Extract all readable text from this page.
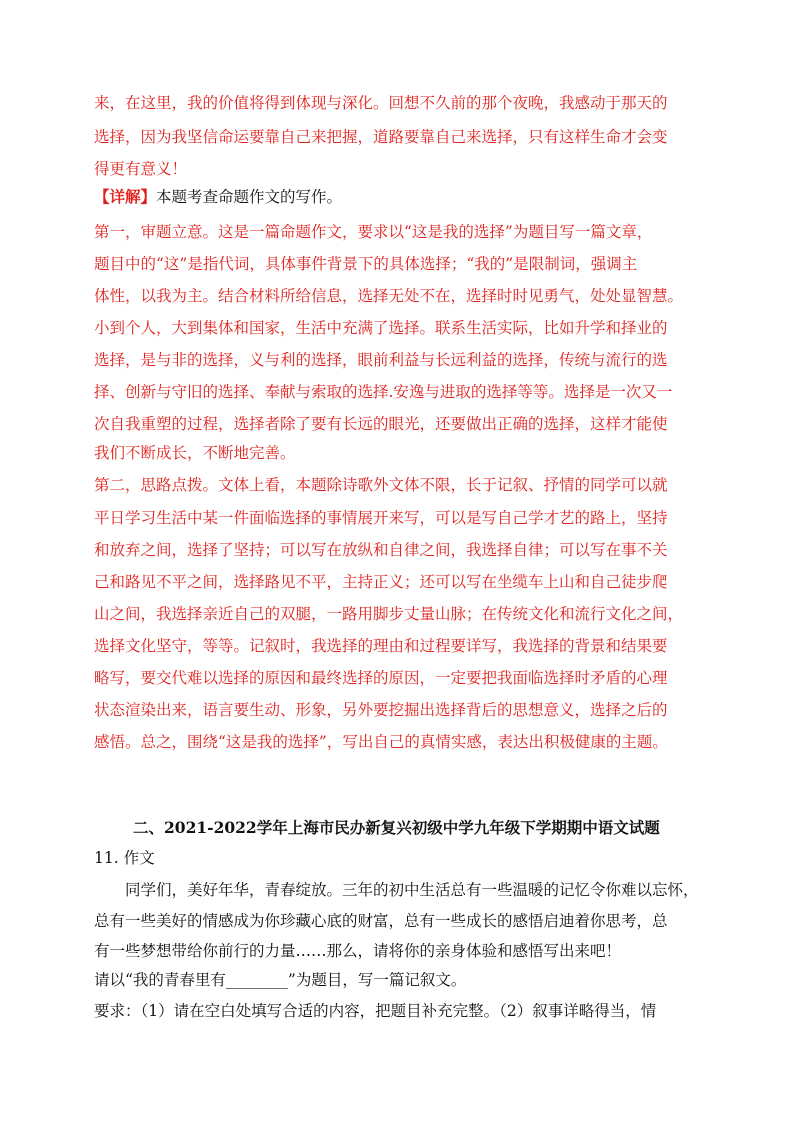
来，在这里，我的价值将得到体现与深化。回想不久前的那个夜晚，我感动于那天的
选择，因为我坚信命运要靠自己来把握，道路要靠自己来选择，只有这样生命才会变
得更有意义！
【详解】本题考查命题作文的写作。
第一，审题立意。这是一篇命题作文，要求以“这是我的选择”为题目写一篇文章，
题目中的“这”是指代词，具体事件背景下的具体选择；“我的”是限制词，强调主
体性，以我为主。结合材料所给信息，选择无处不在，选择时时见勇气，处处显智慧。
小到个人，大到集体和国家，生活中充满了选择。联系生活实际，比如升学和择业的
选择，是与非的选择，义与利的选择，眼前利益与长远利益的选择，传统与流行的选
择、创新与守旧的选择、奉献与索取的选择.安逸与进取的选择等等。选择是一次又一
次自我重塑的过程，选择者除了要有长远的眼光，还要做出正确的选择，这样才能使
我们不断成长，不断地完善。
第二，思路点拨。文体上看，本题除诗歌外文体不限，长于记叙、抒情的同学可以就
平日学习生活中某一件面临选择的事情展开来写，可以是写自己学才艺的路上，坚持
和放弃之间，选择了坚持；可以写在放纵和自律之间，我选择自律；可以写在事不关
己和路见不平之间，选择路见不平，主持正义；还可以写在坐缆车上山和自己徒步爬
山之间，我选择亲近自己的双腿，一路用脚步丈量山脉；在传统文化和流行文化之间，
选择文化坚守，等等。记叙时，我选择的理由和过程要详写，我选择的背景和结果要
略写，要交代难以选择的原因和最终选择的原因，一定要把我面临选择时矛盾的心理
状态渲染出来，语言要生动、形象，另外要挖掘出选择背后的思想意义，选择之后的
感悟。总之，围绕“这是我的选择”，写出自己的真情实感，表达出积极健康的主题。
二、2021-2022学年上海市民办新复兴初级中学九年级下学期期中语文试题
11. 作文
同学们，美好年华，青春绽放。三年的初中生活总有一些温暖的记忆令你难以忘怀，
总有一些美好的情感成为你珍藏心底的财富，总有一些成长的感悟启迪着你思考，总
有一些梦想带给你前行的力量……那么，请将你的亲身体验和感悟写出来吧！
请以“我的青春里有________”为题目，写一篇记叙文。
要求：（1）请在空白处填写合适的内容，把题目补充完整。（2）叙事详略得当，情
